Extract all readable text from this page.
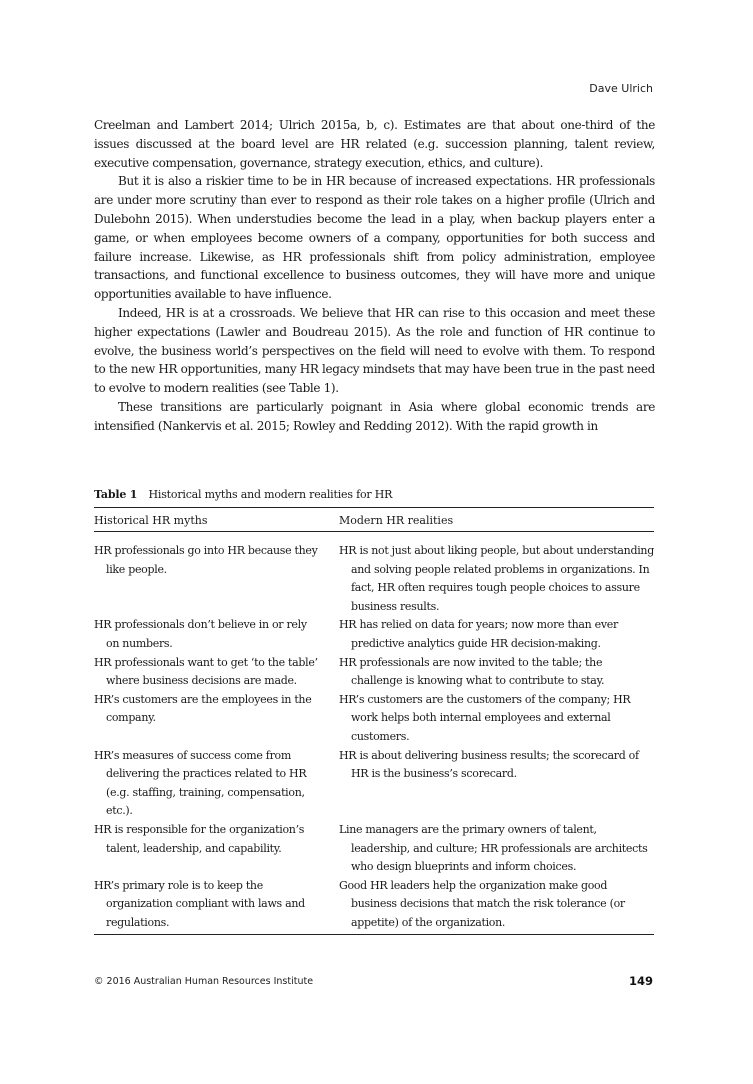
Dave Ulrich

Creelman and Lambert 2014; Ulrich 2015a, b, c). Estimates are that about one-third of the issues discussed at the board level are HR related (e.g. succession planning, talent review, executive compensation, governance, strategy execution, ethics, and culture).

But it is also a riskier time to be in HR because of increased expectations. HR professionals are under more scrutiny than ever to respond as their role takes on a higher profile (Ulrich and Dulebohn 2015). When understudies become the lead in a play, when backup players enter a game, or when employees become owners of a company, opportunities for both success and failure increase. Likewise, as HR professionals shift from policy administration, employee transactions, and functional excellence to business outcomes, they will have more and unique opportunities available to have influence.

Indeed, HR is at a crossroads. We believe that HR can rise to this occasion and meet these higher expectations (Lawler and Boudreau 2015). As the role and function of HR continue to evolve, the business world’s perspectives on the field will need to evolve with them. To respond to the new HR opportunities, many HR legacy mindsets that may have been true in the past need to evolve to modern realities (see Table 1).

These transitions are particularly poignant in Asia where global economic trends are intensified (Nankervis et al. 2015; Rowley and Redding 2012). With the rapid growth in

Table 1 Historical myths and modern realities for HR

Historical HR myths	Modern HR realities

HR professionals go into HR because they like people.	HR is not just about liking people, but about understanding and solving people related problems in organizations. In fact, HR often requires tough people choices to assure business results.

HR professionals don’t believe in or rely on numbers.	HR has relied on data for years; now more than ever predictive analytics guide HR decision-making.

HR professionals want to get ‘to the table’ where business decisions are made.	HR professionals are now invited to the table; the challenge is knowing what to contribute to stay.

HR’s customers are the employees in the company.	HR’s customers are the customers of the company; HR work helps both internal employees and external customers.

HR’s measures of success come from delivering the practices related to HR (e.g. staffing, training, compensation, etc.).	HR is about delivering business results; the scorecard of HR is the business’s scorecard.

HR is responsible for the organization’s talent, leadership, and capability.	Line managers are the primary owners of talent, leadership, and culture; HR professionals are architects who design blueprints and inform choices.

HR’s primary role is to keep the organization compliant with laws and regulations.	Good HR leaders help the organization make good business decisions that match the risk tolerance (or appetite) of the organization.
© 2016 Australian Human Resources Institute	149
